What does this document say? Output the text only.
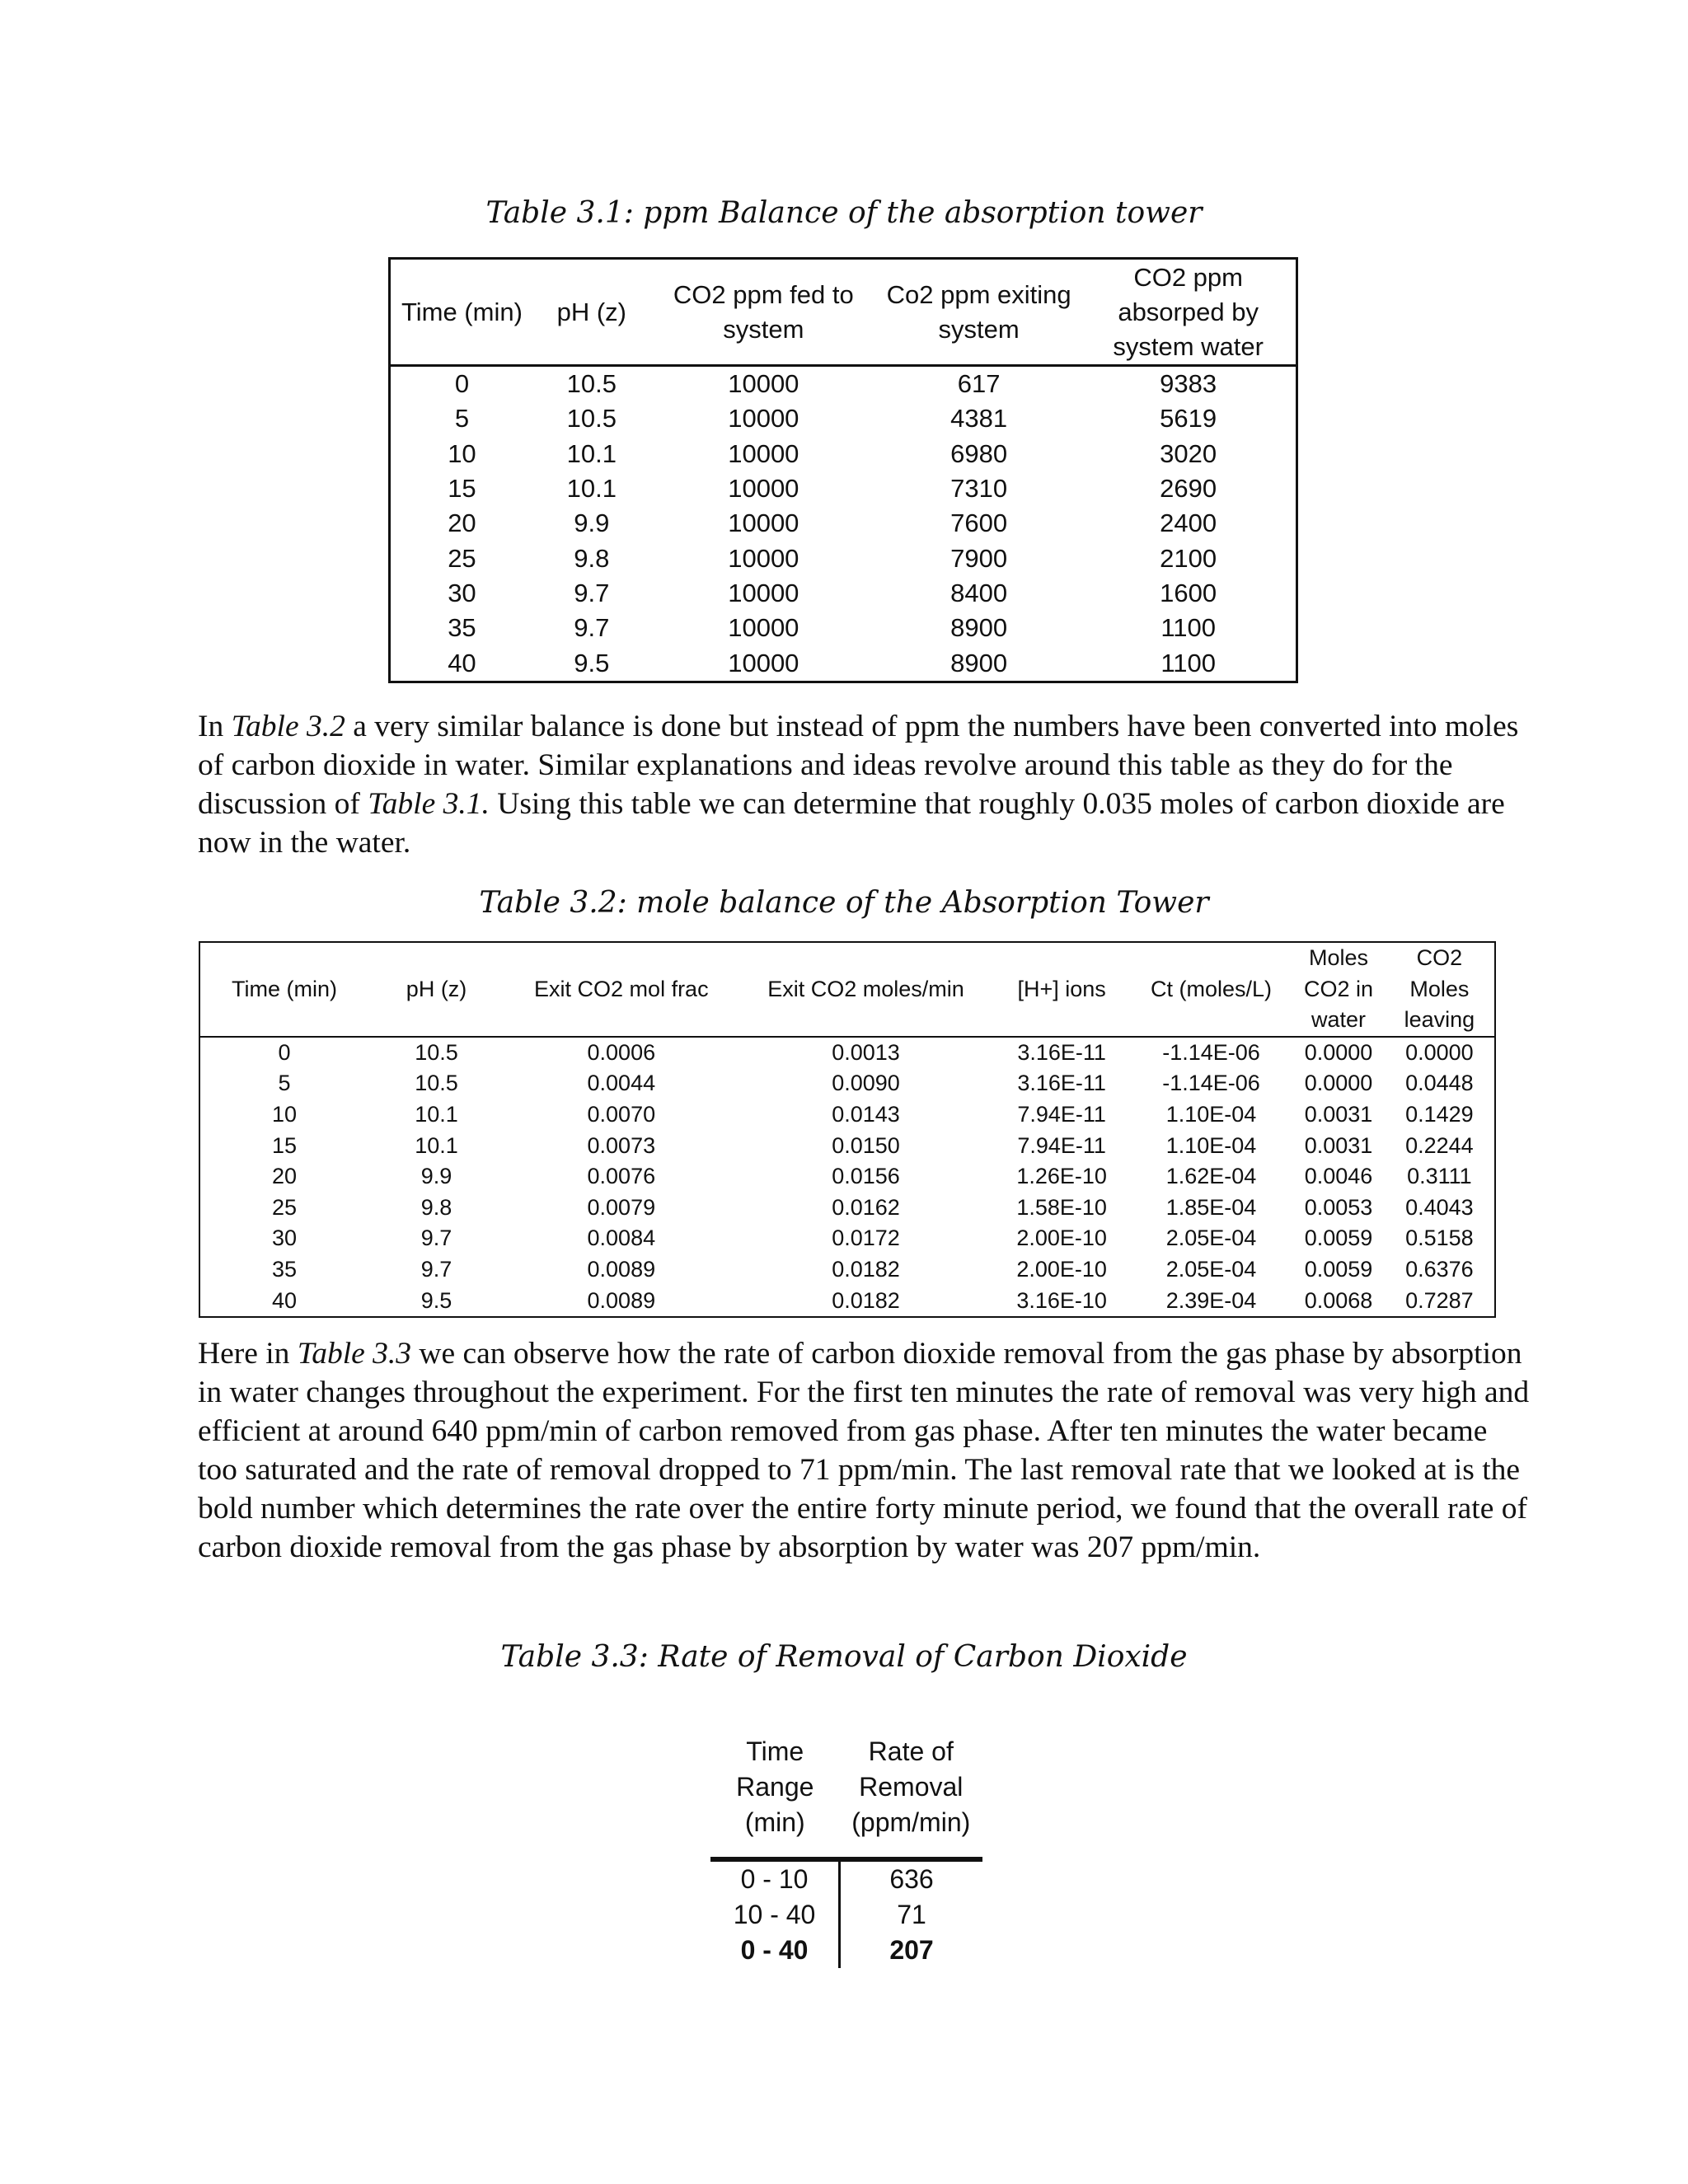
Table 3.1: ppm Balance of the absorption tower
Time (min)	pH (z)	CO2 ppm fed to system	Co2 ppm exiting system	CO2 ppm absorped by system water
0	10.5	10000	617	9383
5	10.5	10000	4381	5619
10	10.1	10000	6980	3020
15	10.1	10000	7310	2690
20	9.9	10000	7600	2400
25	9.8	10000	7900	2100
30	9.7	10000	8400	1600
35	9.7	10000	8900	1100
40	9.5	10000	8900	1100

In Table 3.2 a very similar balance is done but instead of ppm the numbers have been converted into moles of carbon dioxide in water. Similar explanations and ideas revolve around this table as they do for the discussion of Table 3.1. Using this table we can determine that roughly 0.035 moles of carbon dioxide are now in the water.

Table 3.2: mole balance of the Absorption Tower
Time (min)	pH (z)	Exit CO2 mol frac	Exit CO2 moles/min	[H+] ions	Ct (moles/L)	Moles CO2 in water	CO2 Moles leaving
0	10.5	0.0006	0.0013	3.16E-11	-1.14E-06	0.0000	0.0000
5	10.5	0.0044	0.0090	3.16E-11	-1.14E-06	0.0000	0.0448
10	10.1	0.0070	0.0143	7.94E-11	1.10E-04	0.0031	0.1429
15	10.1	0.0073	0.0150	7.94E-11	1.10E-04	0.0031	0.2244
20	9.9	0.0076	0.0156	1.26E-10	1.62E-04	0.0046	0.3111
25	9.8	0.0079	0.0162	1.58E-10	1.85E-04	0.0053	0.4043
30	9.7	0.0084	0.0172	2.00E-10	2.05E-04	0.0059	0.5158
35	9.7	0.0089	0.0182	2.00E-10	2.05E-04	0.0059	0.6376
40	9.5	0.0089	0.0182	3.16E-10	2.39E-04	0.0068	0.7287

Here in Table 3.3 we can observe how the rate of carbon dioxide removal from the gas phase by absorption in water changes throughout the experiment. For the first ten minutes the rate of removal was very high and efficient at around 640 ppm/min of carbon removed from gas phase. After ten minutes the water became too saturated and the rate of removal dropped to 71 ppm/min. The last removal rate that we looked at is the bold number which determines the rate over the entire forty minute period, we found that the overall rate of carbon dioxide removal from the gas phase by absorption by water was 207 ppm/min.

Table 3.3: Rate of Removal of Carbon Dioxide
Time Range (min)	Rate of Removal (ppm/min)
0 - 10	636
10 - 40	71
0 - 40	207
